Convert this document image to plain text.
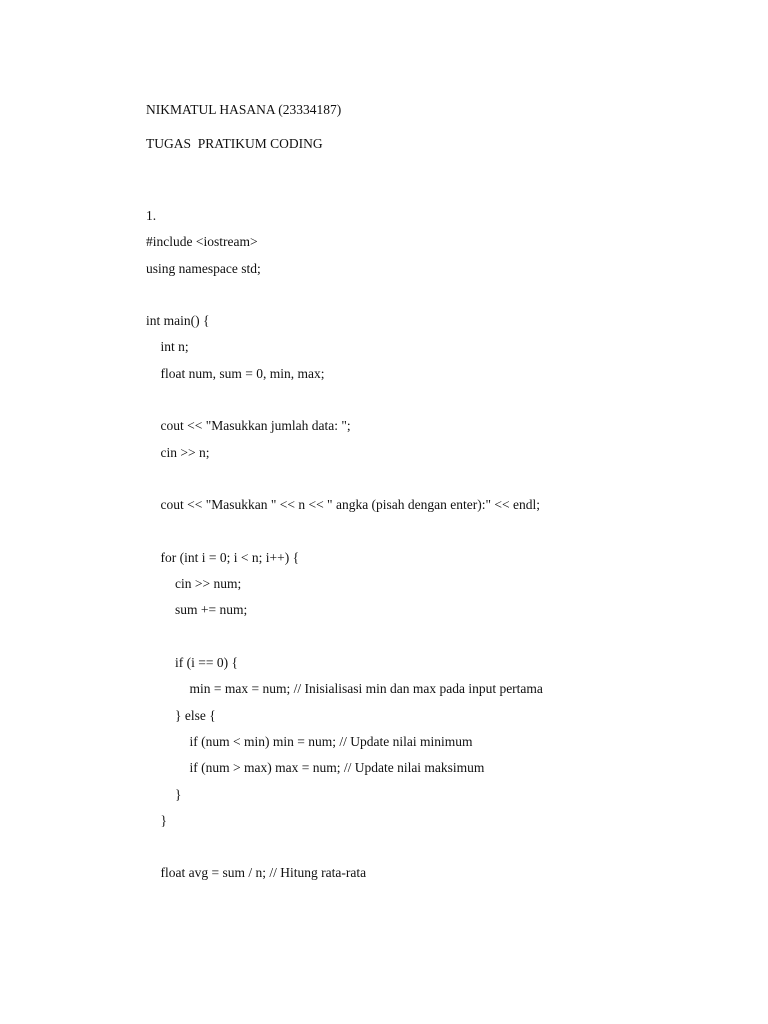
NIKMATUL HASANA (23334187)
TUGAS  PRATIKUM CODING
1.
#include <iostream>
using namespace std;
int main() {
int n;
float num, sum = 0, min, max;
cout << "Masukkan jumlah data: ";
cin >> n;
cout << "Masukkan " << n << " angka (pisah dengan enter):" << endl;
for (int i = 0; i < n; i++) {
cin >> num;
sum += num;
if (i == 0) {
min = max = num; // Inisialisasi min dan max pada input pertama
} else {
if (num < min) min = num; // Update nilai minimum
if (num > max) max = num; // Update nilai maksimum
}
}
float avg = sum / n; // Hitung rata-rata
